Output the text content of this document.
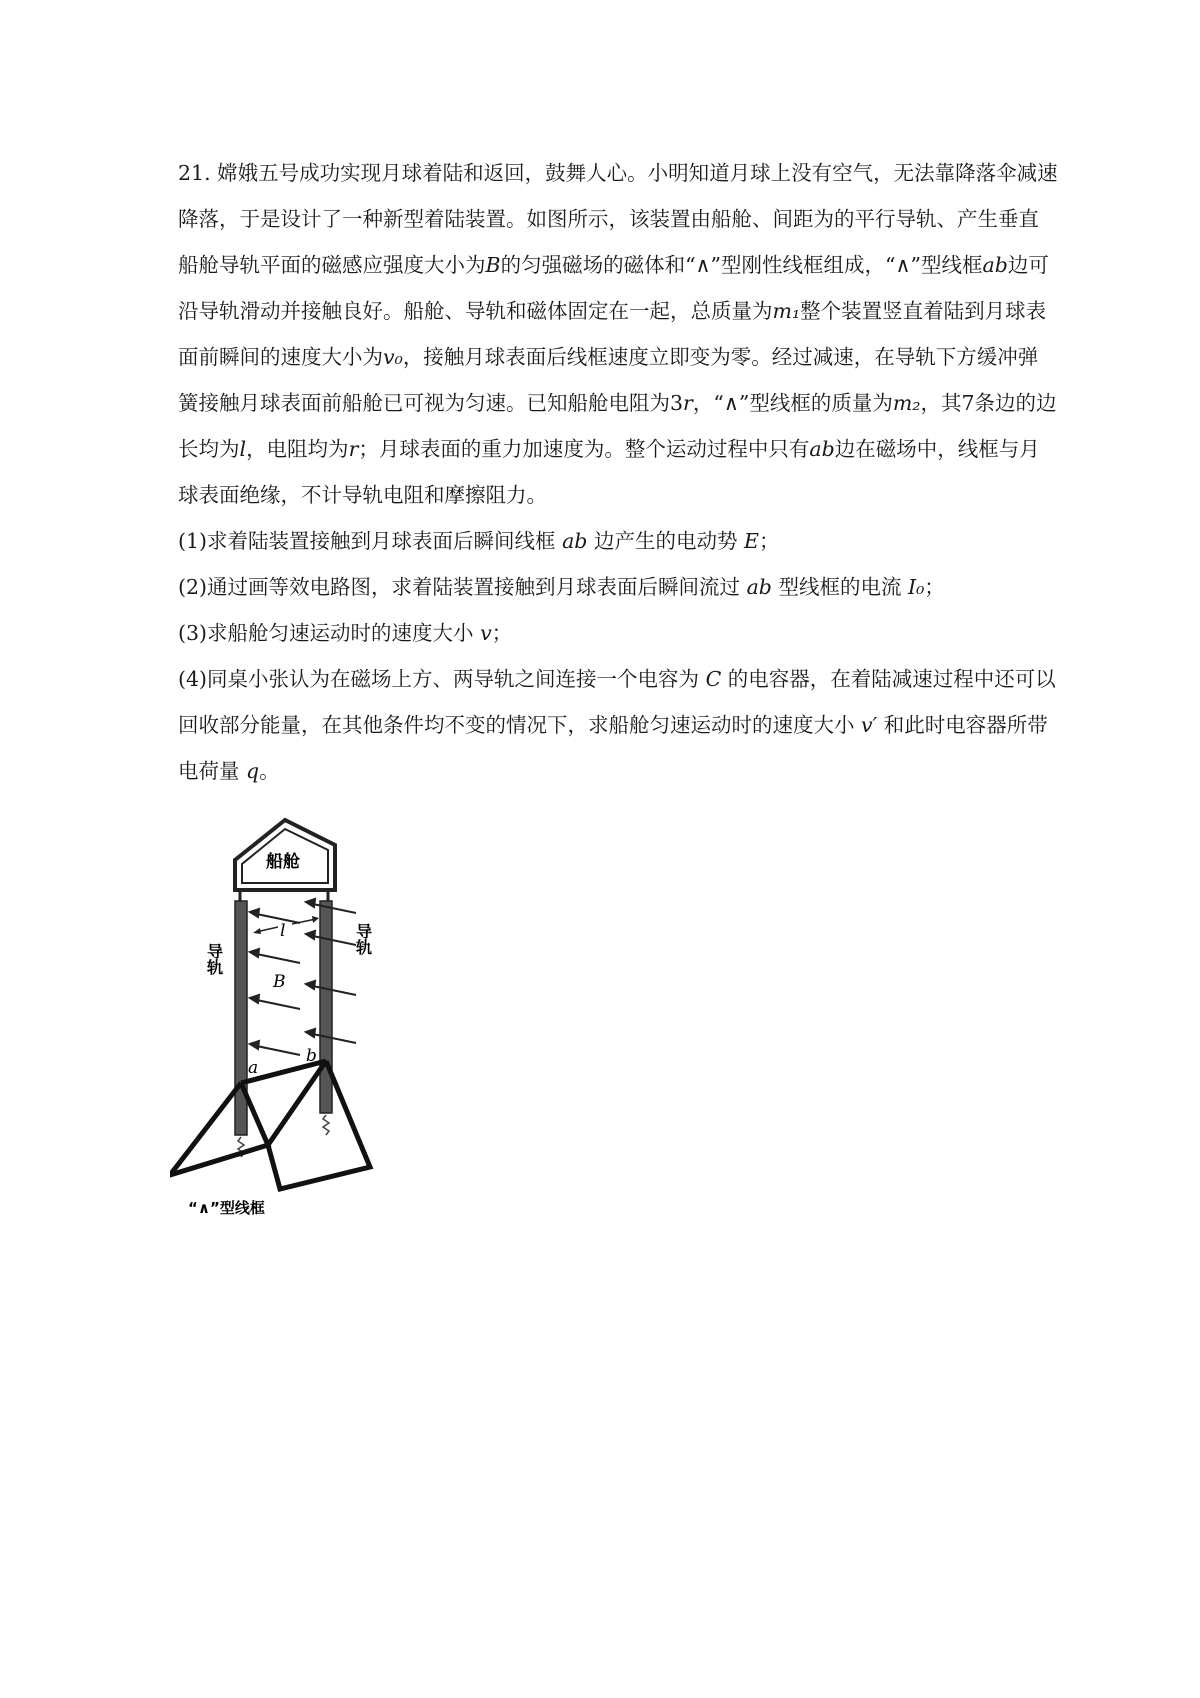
21. 嫦娥五号成功实现月球着陆和返回，鼓舞人心。小明知道月球上没有空气，无法靠降落伞减速降落，于是设计了一种新型着陆装置。如图所示，该装置由船舱、间距为的平行导轨、产生垂直船舱导轨平面的磁感应强度大小为B的匀强磁场的磁体和“∧”型刚性线框组成，“∧”型线框ab边可沿导轨滑动并接触良好。船舱、导轨和磁体固定在一起，总质量为m₁整个装置竖直着陆到月球表面前瞬间的速度大小为v₀，接触月球表面后线框速度立即变为零。经过减速，在导轨下方缓冲弹簧接触月球表面前船舱已可视为匀速。已知船舱电阻为3r，“∧”型线框的质量为m₂，其7条边的边长均为l，电阻均为r；月球表面的重力加速度为。整个运动过程中只有ab边在磁场中，线框与月球表面绝缘，不计导轨电阻和摩擦阻力。

(1)求着陆装置接触到月球表面后瞬间线框 ab 边产生的电动势 E；

(2)通过画等效电路图，求着陆装置接触到月球表面后瞬间流过 ab 型线框的电流 I₀；

(3)求船舱匀速运动时的速度大小 v；

(4)同桌小张认为在磁场上方、两导轨之间连接一个电容为 C 的电容器，在着陆减速过程中还可以回收部分能量，在其他条件均不变的情况下，求船舱匀速运动时的速度大小 v′ 和此时电容器所带电荷量 q。

船舱
导轨
导轨
l
B
a
b
“∧”型线框
